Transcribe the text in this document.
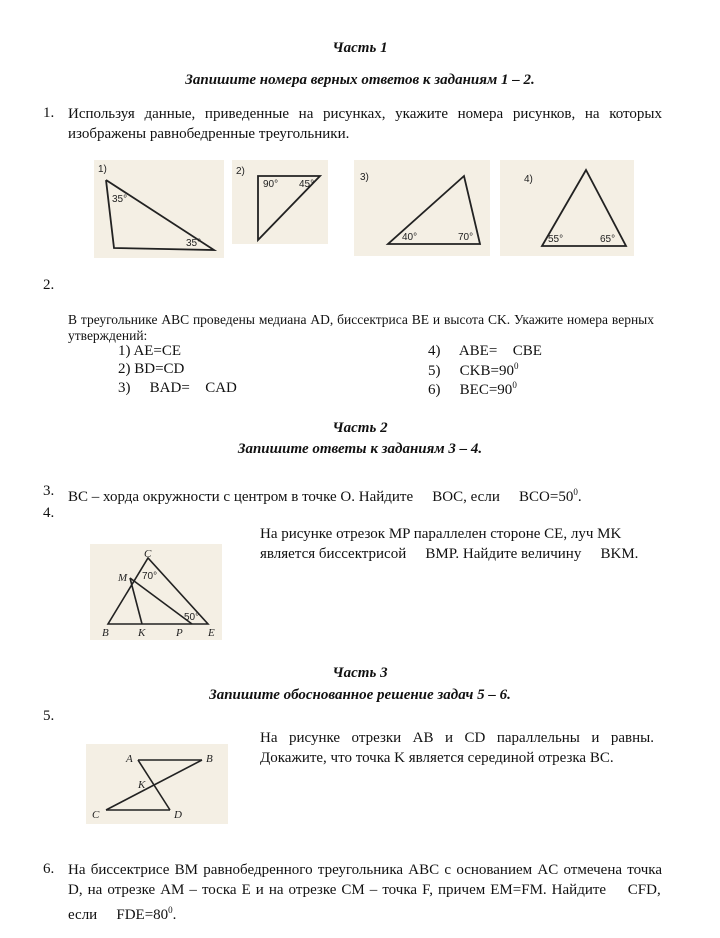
Часть 1
Запишите номера верных ответов к заданиям 1 – 2.
1. Используя данные, приведенные на рисунках, укажите номера рисунков, на которых изображены равнобедренные треугольники.
1)
35°
35°
2)
90° 45°
3)
40°	70°
4)
55°	65°
2.
В треугольнике ABC проведены медиана AD, биссектриса BE и высота CK. Укажите номера верных утверждений:
1) AE=CE
2) BD=CD
3) ⃞ BAD=⃞ CAD
4) ⃞ ABE=⃞ CBE
5) ⃞ $CKB=90^0$
6) ⃞ $BEC=90^0$
Часть 2
Запишите ответы к заданиям 3 – 4.
3. BC – хорда окружности с центром в точке O. Найдите ⃞ BOC, если ⃞ $BCO=50^0$.
4.
На рисунке отрезок MP параллелен стороне CE, луч MK является биссектрисой ⃞ BMP. Найдите величину ⃞ BKM.
C
M
B	K	P E
70°
50°
Часть 3
Запишите обоснованное решение задач 5 – 6.
5.
На рисунке отрезки AB и CD параллельны и равны. Докажите, что точка K является серединой отрезка BC.
A	B
K
C	D
6. На биссектрисе BM равнобедренного треугольника ABC с основанием AC отмечена точка D, на отрезке AM – тоска E и на отрезке CM – точка F, причем EM=FM. Найдите ⃞ CFD, если ⃞ $FDE=80^0$.
